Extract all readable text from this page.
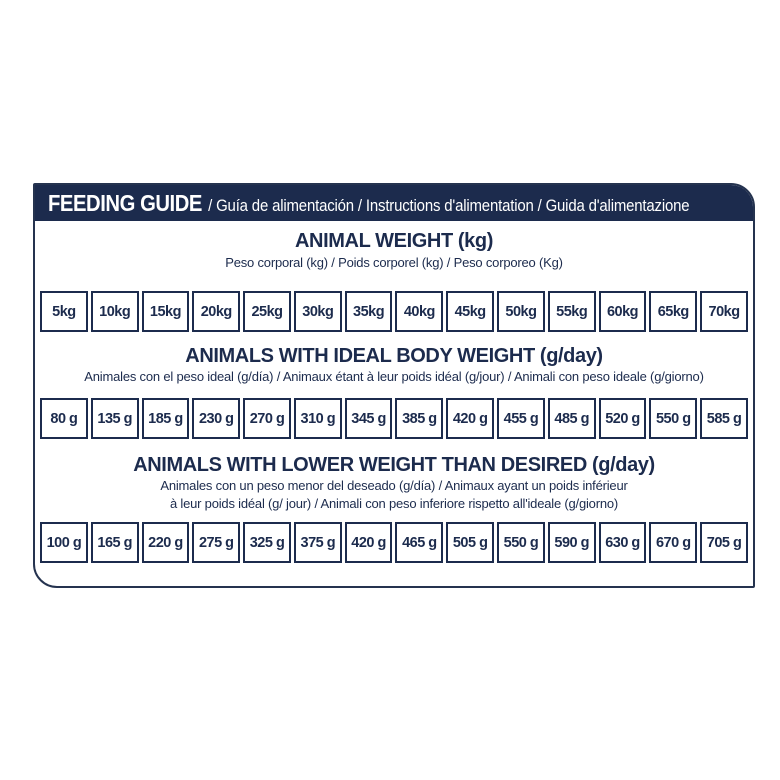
FEEDING GUIDE / Guía de alimentación / Instructions d'alimentation / Guida d'alimentazione
ANIMAL WEIGHT (kg)
Peso corporal (kg) / Poids corporel (kg) / Peso corporeo (Kg)
5kg	10kg	15kg	20kg	25kg	30kg	35kg	40kg	45kg	50kg	55kg	60kg	65kg	70kg
ANIMALS WITH IDEAL BODY WEIGHT (g/day)
Animales con el peso ideal (g/día) / Animaux étant à leur poids idéal (g/jour) / Animali con peso ideale (g/giorno)
80 g	135 g	185 g	230 g	270 g	310 g	345 g	385 g	420 g	455 g	485 g	520 g	550 g	585 g
ANIMALS WITH LOWER WEIGHT THAN DESIRED (g/day)
Animales con un peso menor del deseado (g/día) / Animaux ayant un poids inférieur
à leur poids idéal (g/ jour) / Animali con peso inferiore rispetto all'ideale (g/giorno)
100 g	165 g	220 g	275 g	325 g	375 g	420 g	465 g	505 g	550 g	590 g	630 g	670 g	705 g
